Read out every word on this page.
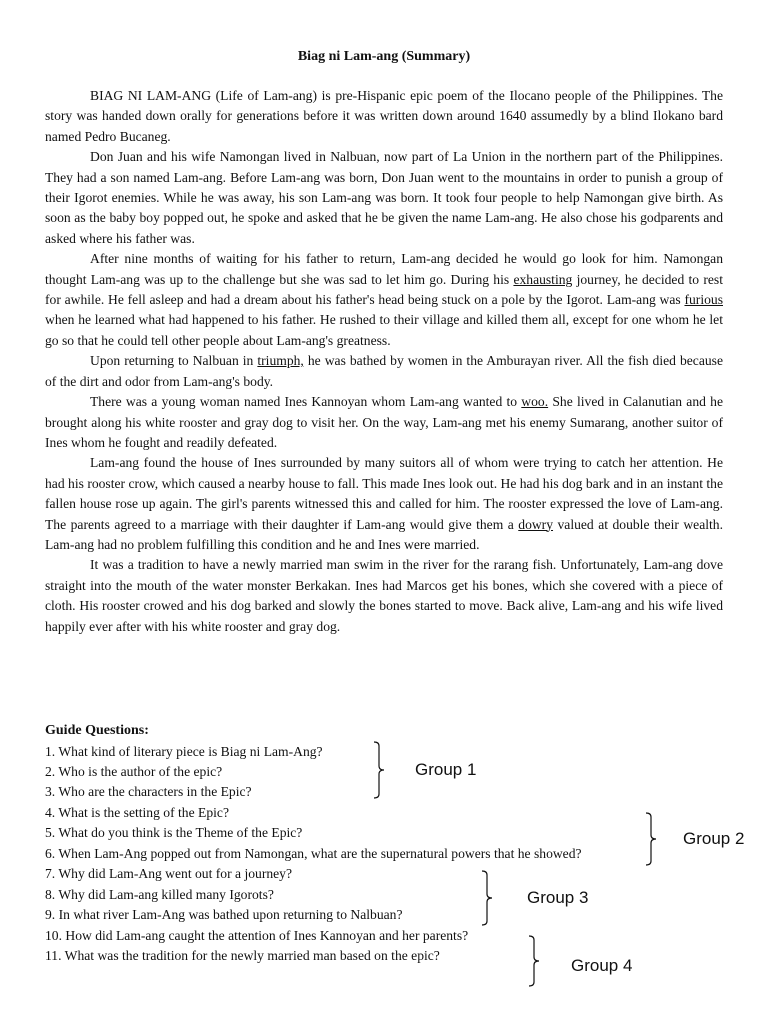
Biag ni Lam-ang (Summary)

BIAG NI LAM-ANG (Life of Lam-ang) is pre-Hispanic epic poem of the Ilocano people of the Philippines. The story was handed down orally for generations before it was written down around 1640 assumedly by a blind Ilokano bard named Pedro Bucaneg.

Don Juan and his wife Namongan lived in Nalbuan, now part of La Union in the northern part of the Philippines. They had a son named Lam-ang. Before Lam-ang was born, Don Juan went to the mountains in order to punish a group of their Igorot enemies. While he was away, his son Lam-ang was born. It took four people to help Namongan give birth. As soon as the baby boy popped out, he spoke and asked that he be given the name Lam-ang. He also chose his godparents and asked where his father was.

After nine months of waiting for his father to return, Lam-ang decided he would go look for him. Namongan thought Lam-ang was up to the challenge but she was sad to let him go. During his exhausting journey, he decided to rest for awhile. He fell asleep and had a dream about his father's head being stuck on a pole by the Igorot. Lam-ang was furious when he learned what had happened to his father. He rushed to their village and killed them all, except for one whom he let go so that he could tell other people about Lam-ang's greatness.

Upon returning to Nalbuan in triumph, he was bathed by women in the Amburayan river. All the fish died because of the dirt and odor from Lam-ang's body.

There was a young woman named Ines Kannoyan whom Lam-ang wanted to woo. She lived in Calanutian and he brought along his white rooster and gray dog to visit her. On the way, Lam-ang met his enemy Sumarang, another suitor of Ines whom he fought and readily defeated.

Lam-ang found the house of Ines surrounded by many suitors all of whom were trying to catch her attention. He had his rooster crow, which caused a nearby house to fall. This made Ines look out. He had his dog bark and in an instant the fallen house rose up again. The girl's parents witnessed this and called for him. The rooster expressed the love of Lam-ang. The parents agreed to a marriage with their daughter if Lam-ang would give them a dowry valued at double their wealth. Lam-ang had no problem fulfilling this condition and he and Ines were married.

It was a tradition to have a newly married man swim in the river for the rarang fish. Unfortunately, Lam-ang dove straight into the mouth of the water monster Berkakan. Ines had Marcos get his bones, which she covered with a piece of cloth. His rooster crowed and his dog barked and slowly the bones started to move. Back alive, Lam-ang and his wife lived happily ever after with his white rooster and gray dog.

Guide Questions:
1. What kind of literary piece is Biag ni Lam-Ang?
2. Who is the author of the epic?
3. Who are the characters in the Epic?
4. What is the setting of the Epic?
5. What do you think is the Theme of the Epic?
6. When Lam-Ang popped out from Namongan, what are the supernatural powers that he showed?
7. Why did Lam-Ang went out for a journey?
8. Why did Lam-ang killed many Igorots?
9. In what river Lam-Ang was bathed upon returning to Nalbuan?
10. How did Lam-ang caught the attention of Ines Kannoyan and her parents?
11. What was the tradition for the newly married man based on the epic?
Group 1
Group 2
Group 3
Group 4
